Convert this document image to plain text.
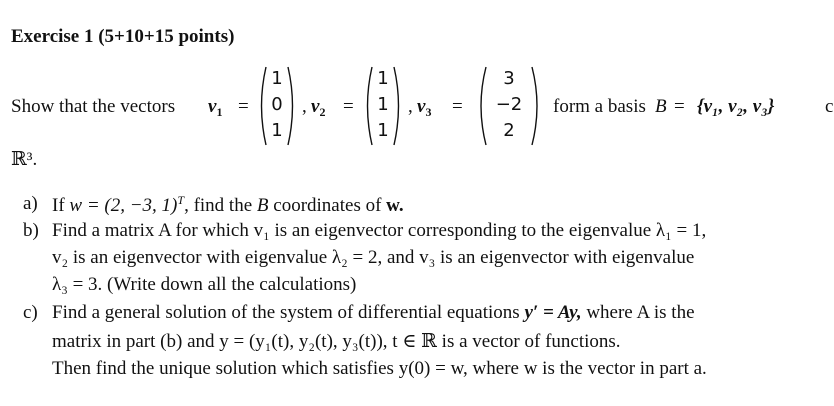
Exercise 1 (5+10+15 points)
Show that the vectors $v_1$ =
1
0
1
, $v_2$ =
1
1
1
, $v_3$ =
3
−2
2
form a basis B = {v₁, v₂, v₃}	c
ℝ³.
a) If w = (2, −3, 1)$^T$, find the B coordinates of w.
b) Find a matrix A for which v₁ is an eigenvector corresponding to the eigenvalue λ₁ = 1,
v₂ is an eigenvector with eigenvalue λ₂ = 2, and v₃ is an eigenvector with eigenvalue
λ₃ = 3. (Write down all the calculations)
c) Find a general solution of the system of differential equations y′ = Ay, where A is the
matrix in part (b) and y = (y₁(t), y₂(t), y₃(t)), t ∈ ℝ is a vector of functions.
Then find the unique solution which satisfies y(0) = w, where w is the vector in part a.
